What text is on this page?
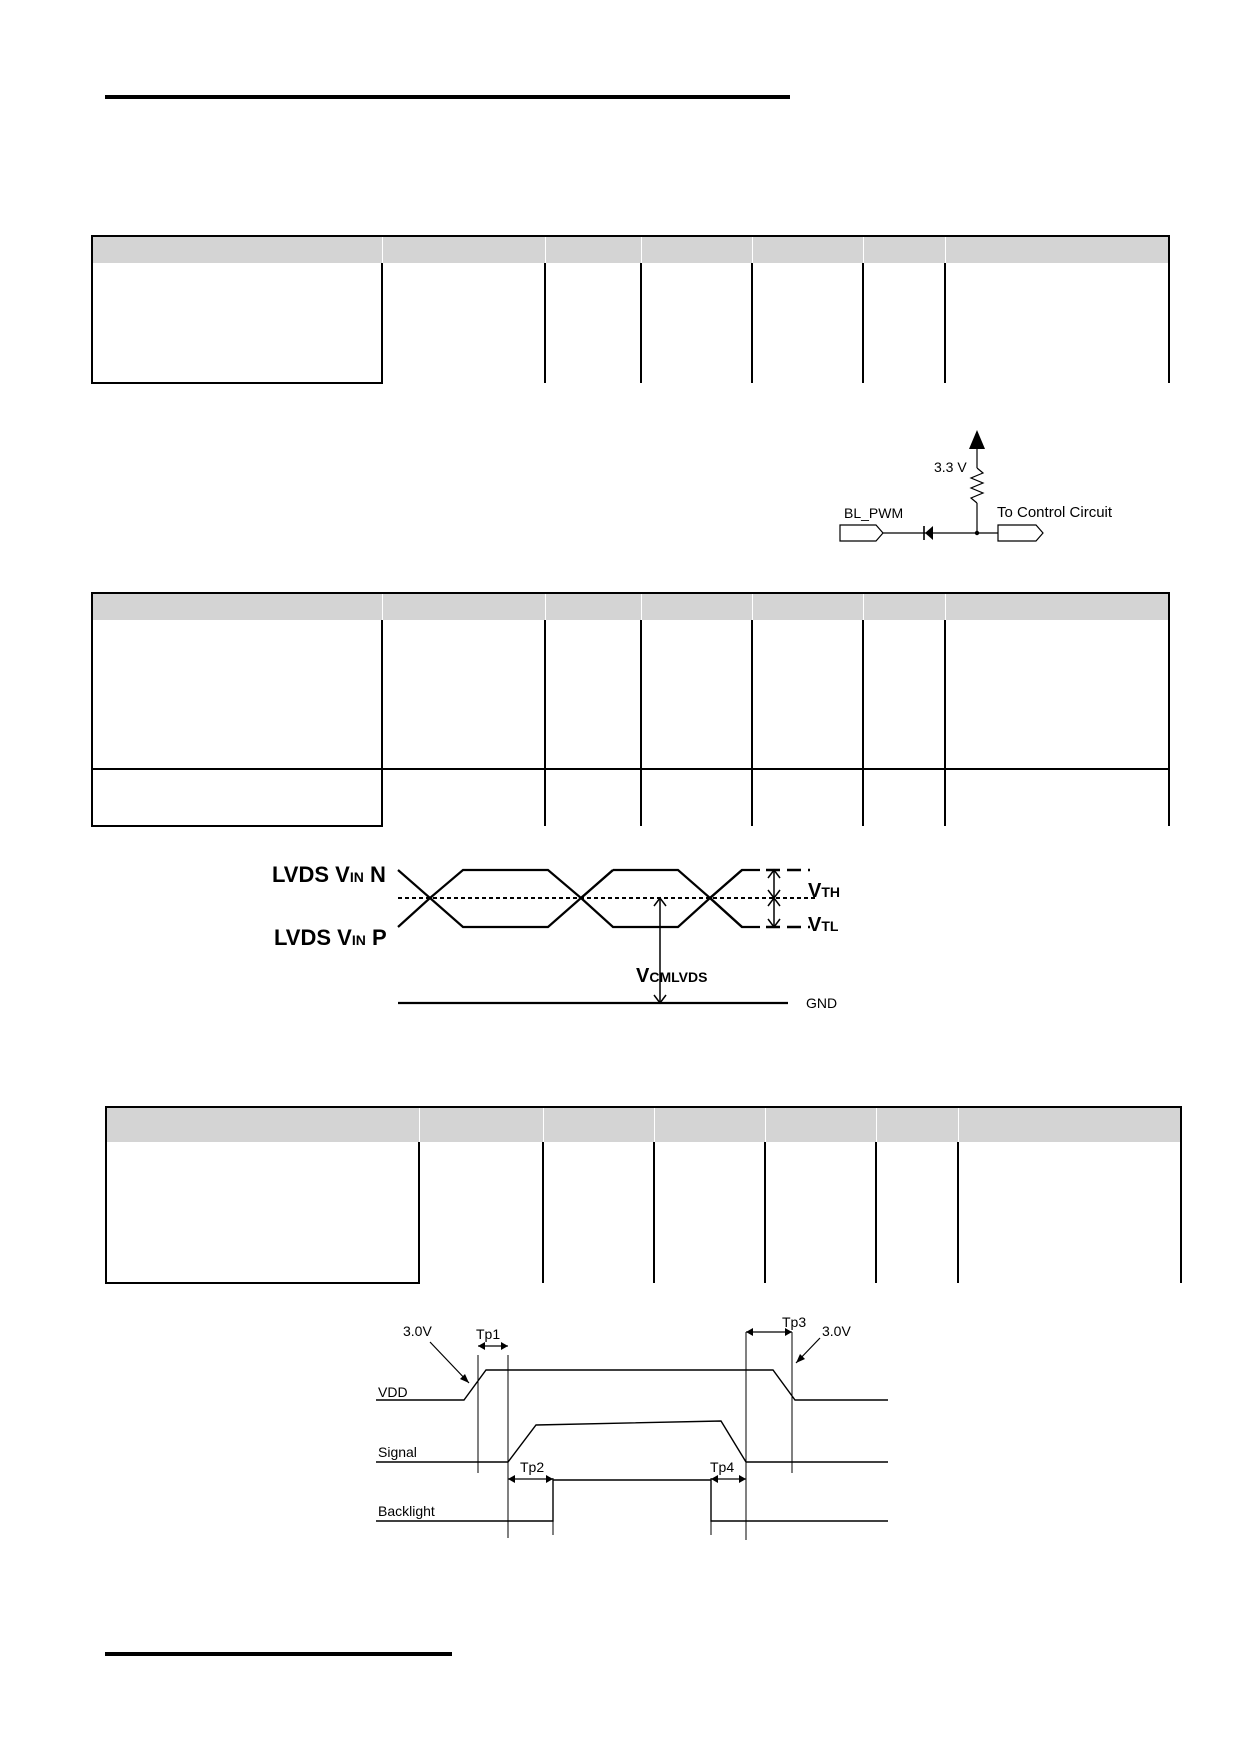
3.3 V
BL_PWM	To Control Circuit

LVDS VIN N
LVDS VIN P
VTH
VTL
VCMLVDS
GND

VDD
Signal
Backlight
3.0V	3.0V
Tp1
Tp2
Tp3
Tp4
